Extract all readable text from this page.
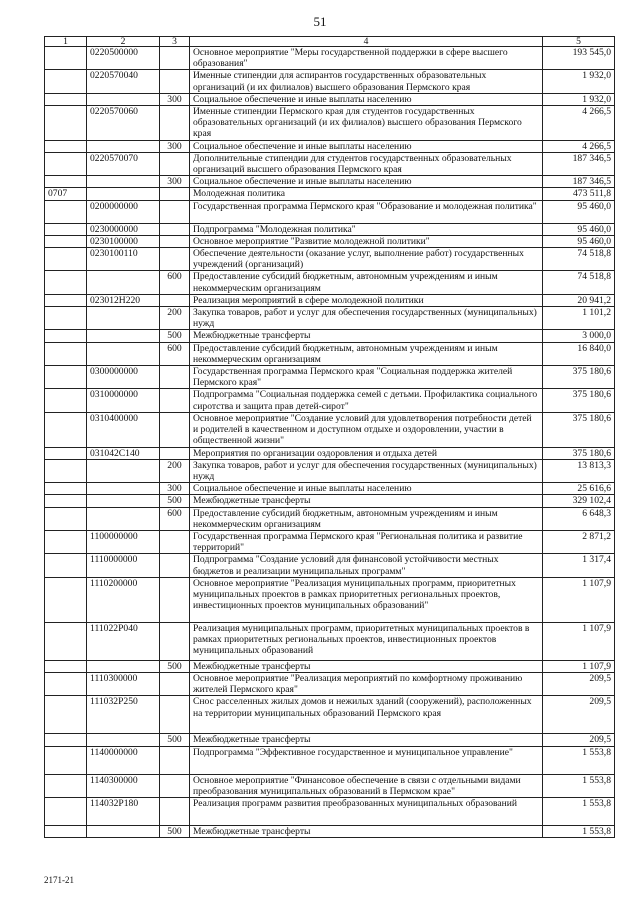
51
1	2	3	4	5
	0220500000		Основное мероприятие "Меры государственной поддержки в сфере высшего образования"	193 545,0
	0220570040		Именные стипендии для аспирантов государственных образовательных организаций (и их филиалов) высшего образования Пермского края	1 932,0
		300	Социальное обеспечение и иные выплаты населению	1 932,0
	0220570060		Именные стипендии Пермского края для студентов государственных образовательных организаций (и их филиалов) высшего образования Пермского края	4 266,5
		300	Социальное обеспечение и иные выплаты населению	4 266,5
	0220570070		Дополнительные стипендии для студентов государственных образовательных организаций высшего образования Пермского края	187 346,5
		300	Социальное обеспечение и иные выплаты населению	187 346,5
0707			Молодежная политика	473 511,8
	0200000000		Государственная программа Пермского края "Образование и молодежная политика"	95 460,0
	0230000000		Подпрограмма "Молодежная политика"	95 460,0
	0230100000		Основное мероприятие "Развитие молодежной политики"	95 460,0
	0230100110		Обеспечение деятельности (оказание услуг, выполнение работ) государственных учреждений (организаций)	74 518,8
		600	Предоставление субсидий бюджетным, автономным учреждениям и иным некоммерческим организациям	74 518,8
	023012Н220		Реализация мероприятий в сфере молодежной политики	20 941,2
		200	Закупка товаров, работ и услуг для обеспечения государственных (муниципальных) нужд	1 101,2
		500	Межбюджетные трансферты	3 000,0
		600	Предоставление субсидий бюджетным, автономным учреждениям и иным некоммерческим организациям	16 840,0
	0300000000		Государственная программа Пермского края "Социальная поддержка жителей Пермского края"	375 180,6
	0310000000		Подпрограмма "Социальная поддержка семей с детьми. Профилактика социального сиротства и защита прав детей-сирот"	375 180,6
	0310400000		Основное мероприятие "Создание условий для удовлетворения потребности детей и родителей в качественном и доступном отдыхе и оздоровлении, участии в общественной жизни"	375 180,6
	031042С140		Мероприятия по организации оздоровления и отдыха детей	375 180,6
		200	Закупка товаров, работ и услуг для обеспечения государственных (муниципальных) нужд	13 813,3
		300	Социальное обеспечение и иные выплаты населению	25 616,6
		500	Межбюджетные трансферты	329 102,4
		600	Предоставление субсидий бюджетным, автономным учреждениям и иным некоммерческим организациям	6 648,3
	1100000000		Государственная программа Пермского края "Региональная политика и развитие территорий"	2 871,2
	1110000000		Подпрограмма "Создание условий для финансовой устойчивости местных бюджетов и реализации муниципальных программ"	1 317,4
	1110200000		Основное мероприятие "Реализация муниципальных программ, приоритетных муниципальных проектов в рамках приоритетных региональных проектов, инвестиционных проектов муниципальных образований"	1 107,9
	111022Р040		Реализация муниципальных программ, приоритетных муниципальных проектов в рамках приоритетных региональных проектов, инвестиционных проектов муниципальных образований	1 107,9
		500	Межбюджетные трансферты	1 107,9
	1110300000		Основное мероприятие "Реализация мероприятий по комфортному проживанию жителей Пермского края"	209,5
	111032Р250		Снос расселенных жилых домов и нежилых зданий (сооружений), расположенных на территории муниципальных образований Пермского края	209,5
		500	Межбюджетные трансферты	209,5
	1140000000		Подпрограмма "Эффективное государственное и муниципальное управление"	1 553,8
	1140300000		Основное мероприятие "Финансовое обеспечение в связи с отдельными видами преобразования муниципальных образований в Пермском крае"	1 553,8
	114032Р180		Реализация программ развития преобразованных муниципальных образований	1 553,8
		500	Межбюджетные трансферты	1 553,8
2171-21
